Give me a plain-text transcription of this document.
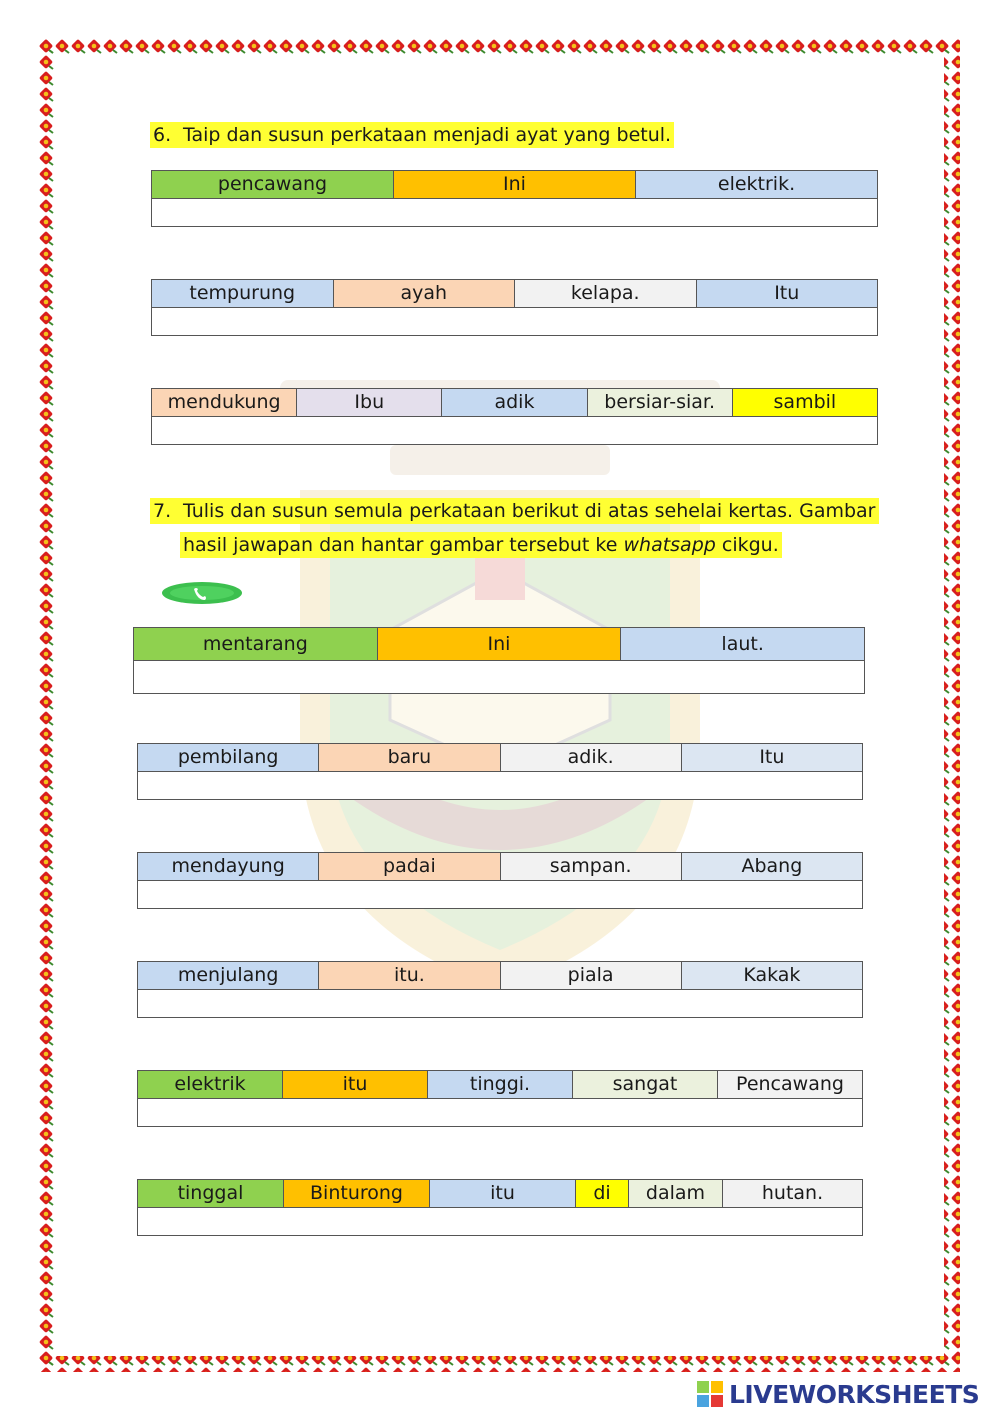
6. Taip dan susun perkataan menjadi ayat yang betul.
pencawang	Ini	elektrik.
tempurung	ayah	kelapa.	Itu
mendukung	Ibu	adik	bersiar-siar.	sambil
7. Tulis dan susun semula perkataan berikut di atas sehelai kertas. Gambar
hasil jawapan dan hantar gambar tersebut ke whatsapp cikgu.
mentarang	Ini	laut.
pembilang	baru	adik.	Itu
mendayung	padai	sampan.	Abang
menjulang	itu.	piala	Kakak
elektrik	itu	tinggi.	sangat	Pencawang
tinggal	Binturong	itu	di	dalam	hutan.
LIVEWORKSHEETS
